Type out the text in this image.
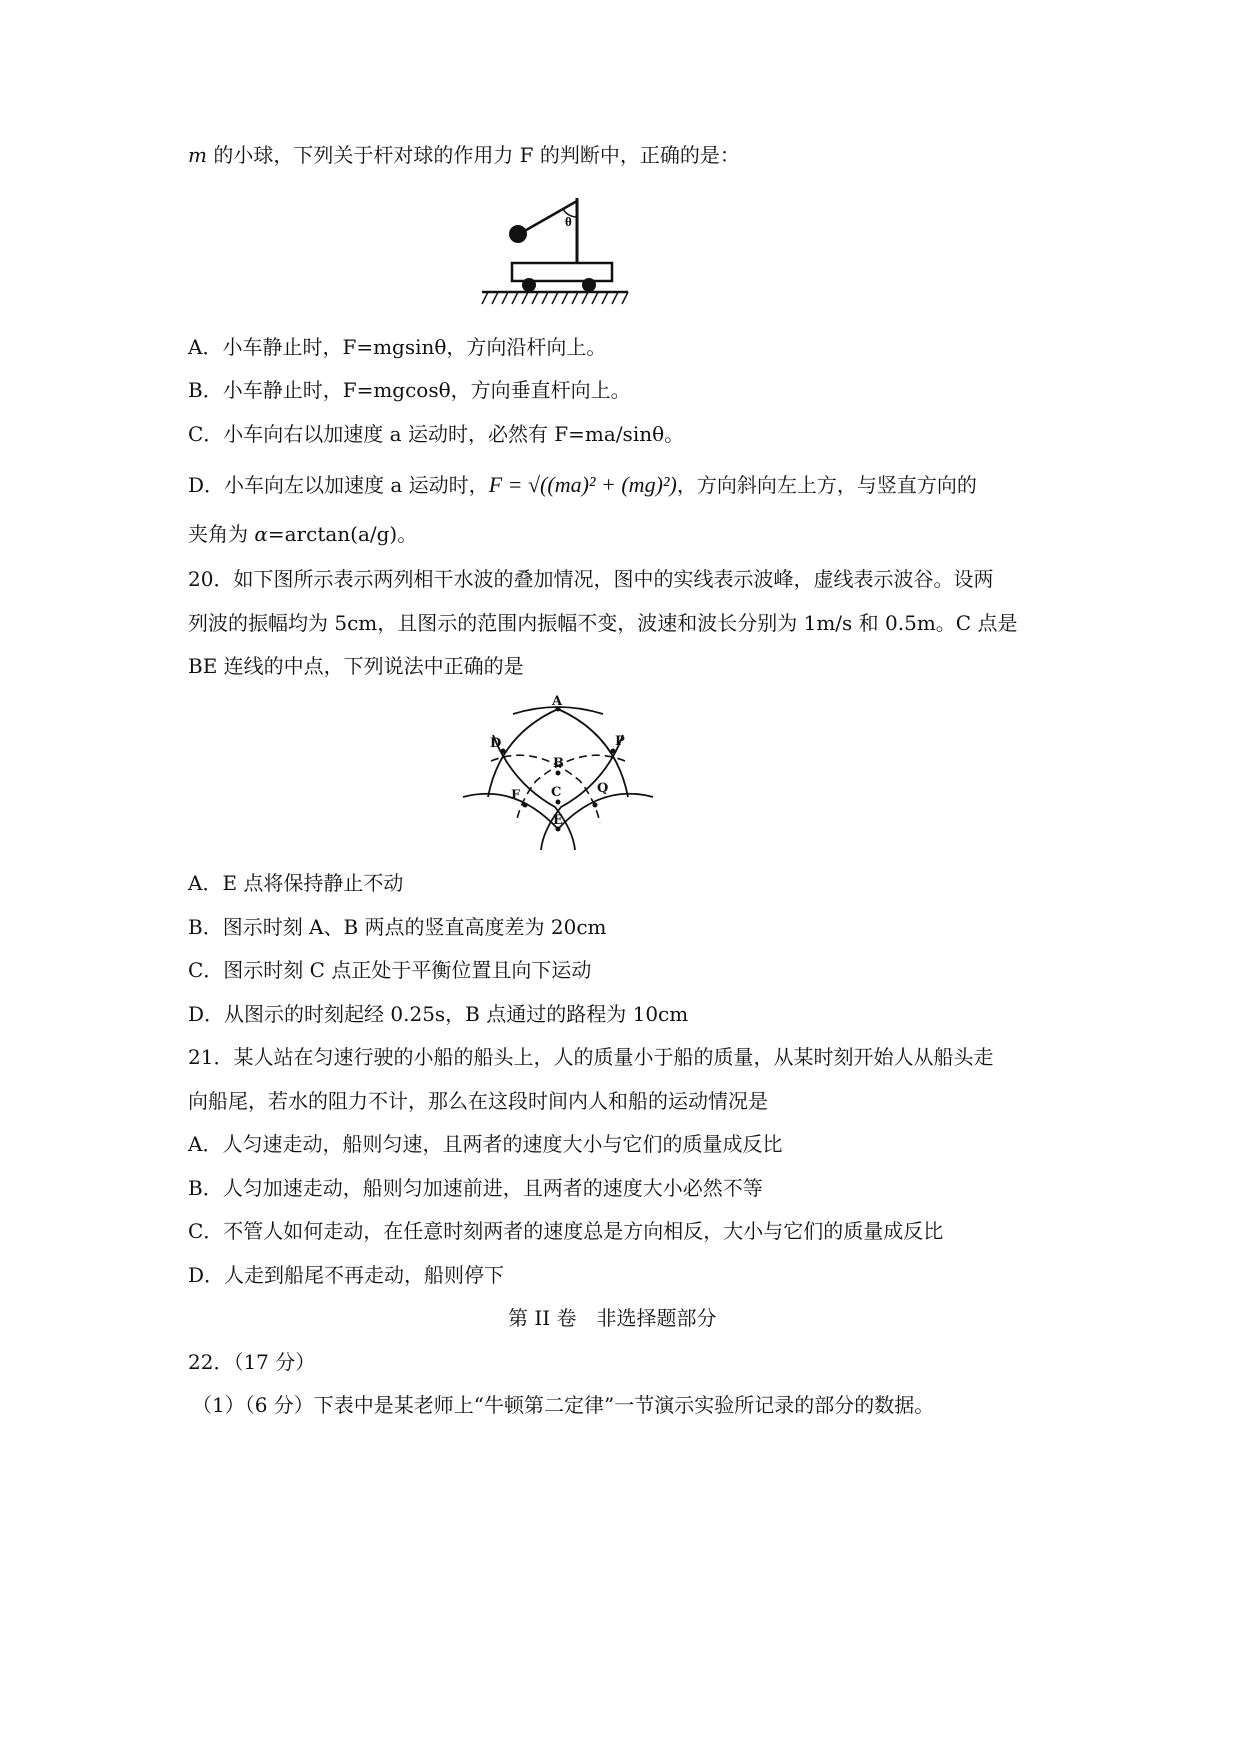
m 的小球，下列关于杆对球的作用力 F 的判断中，正确的是：
θ
A．小车静止时，F=mgsinθ，方向沿杆向上。
B．小车静止时，F=mgcosθ，方向垂直杆向上。
C．小车向右以加速度 a 运动时，必然有 F=ma/sinθ。
D．小车向左以加速度 a 运动时，F = √((ma)² + (mg)²)，方向斜向左上方，与竖直方向的
夹角为 α=arctan(a/g)。
20．如下图所示表示两列相干水波的叠加情况，图中的实线表示波峰，虚线表示波谷。设两
列波的振幅均为 5cm，且图示的范围内振幅不变，波速和波长分别为 1m/s 和 0.5m。C 点是
BE 连线的中点，下列说法中正确的是
A
B
C
D
E
F
P
Q
A．E 点将保持静止不动
B．图示时刻 A、B 两点的竖直高度差为 20cm
C．图示时刻 C 点正处于平衡位置且向下运动
D．从图示的时刻起经 0.25s，B 点通过的路程为 10cm
21．某人站在匀速行驶的小船的船头上，人的质量小于船的质量，从某时刻开始人从船头走
向船尾，若水的阻力不计，那么在这段时间内人和船的运动情况是
A．人匀速走动，船则匀速，且两者的速度大小与它们的质量成反比
B．人匀加速走动，船则匀加速前进，且两者的速度大小必然不等
C．不管人如何走动，在任意时刻两者的速度总是方向相反，大小与它们的质量成反比
D．人走到船尾不再走动，船则停下
第 II 卷　非选择题部分
22．（17 分）
（1）（6 分）下表中是某老师上“牛顿第二定律”一节演示实验所记录的部分的数据。
